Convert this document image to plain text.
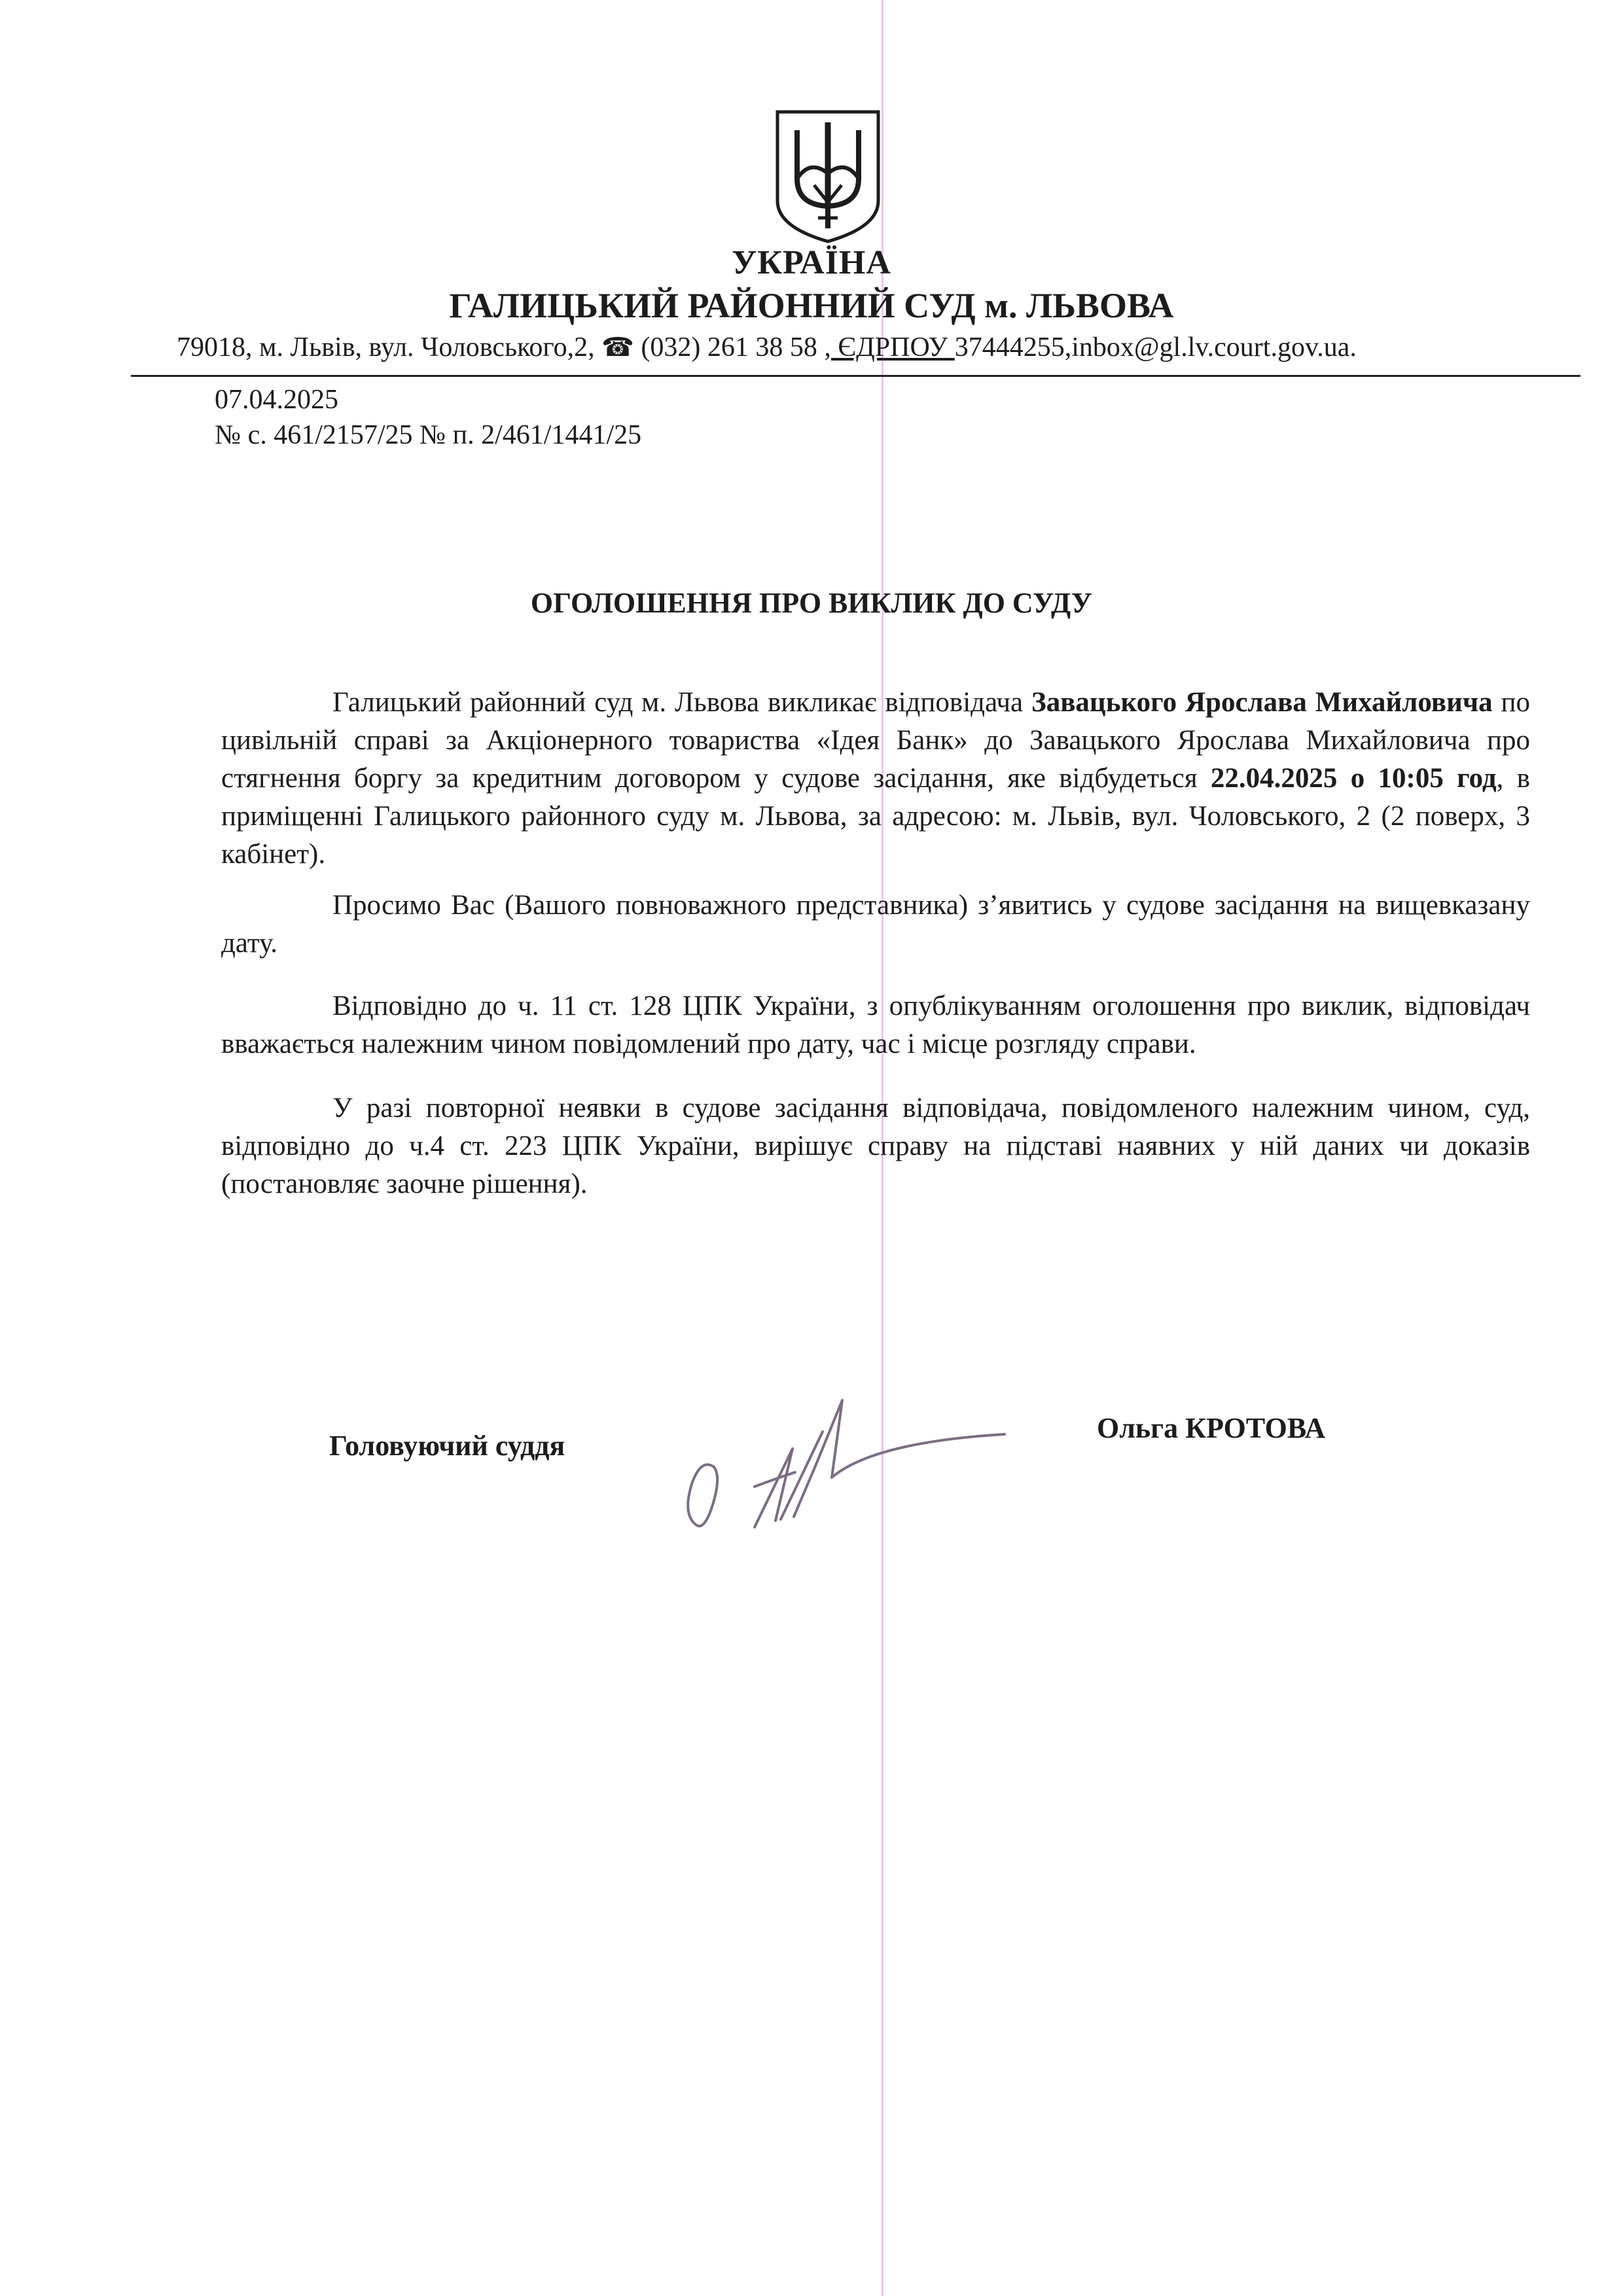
УКРАЇНА
ГАЛИЦЬКИЙ РАЙОННИЙ СУД м. ЛЬВОВА
79018, м. Львів, вул. Чоловського,2, ☎ (032) 261 38 58 , ЄДРПОУ 37444255,inbox@gl.lv.court.gov.ua.
07.04.2025
№ с. 461/2157/25 № п. 2/461/1441/25
ОГОЛОШЕННЯ ПРО ВИКЛИК ДО СУДУ

Галицький районний суд м. Львова викликає відповідача Завацького Ярослава Михайловича по цивільній справі за Акціонерного товариства «Ідея Банк» до Завацького Ярослава Михайловича про стягнення боргу за кредитним договором у судове засідання, яке відбудеться 22.04.2025 о 10:05 год, в приміщенні Галицького районного суду м. Львова, за адресою: м. Львів, вул. Чоловського, 2 (2 поверх, 3 кабінет).

Просимо Вас (Вашого повноважного представника) з’явитись у судове засідання на вищевказану дату.

Відповідно до ч. 11 ст. 128 ЦПК України, з опублікуванням оголошення про виклик, відповідач вважається належним чином повідомлений про дату, час і місце розгляду справи.

У разі повторної неявки в судове засідання відповідача, повідомленого належним чином, суд, відповідно до ч.4 ст. 223 ЦПК України, вирішує справу на підставі наявних у ній даних чи доказів (постановляє заочне рішення).

Головуючий суддя
Ольга КРОТОВА
